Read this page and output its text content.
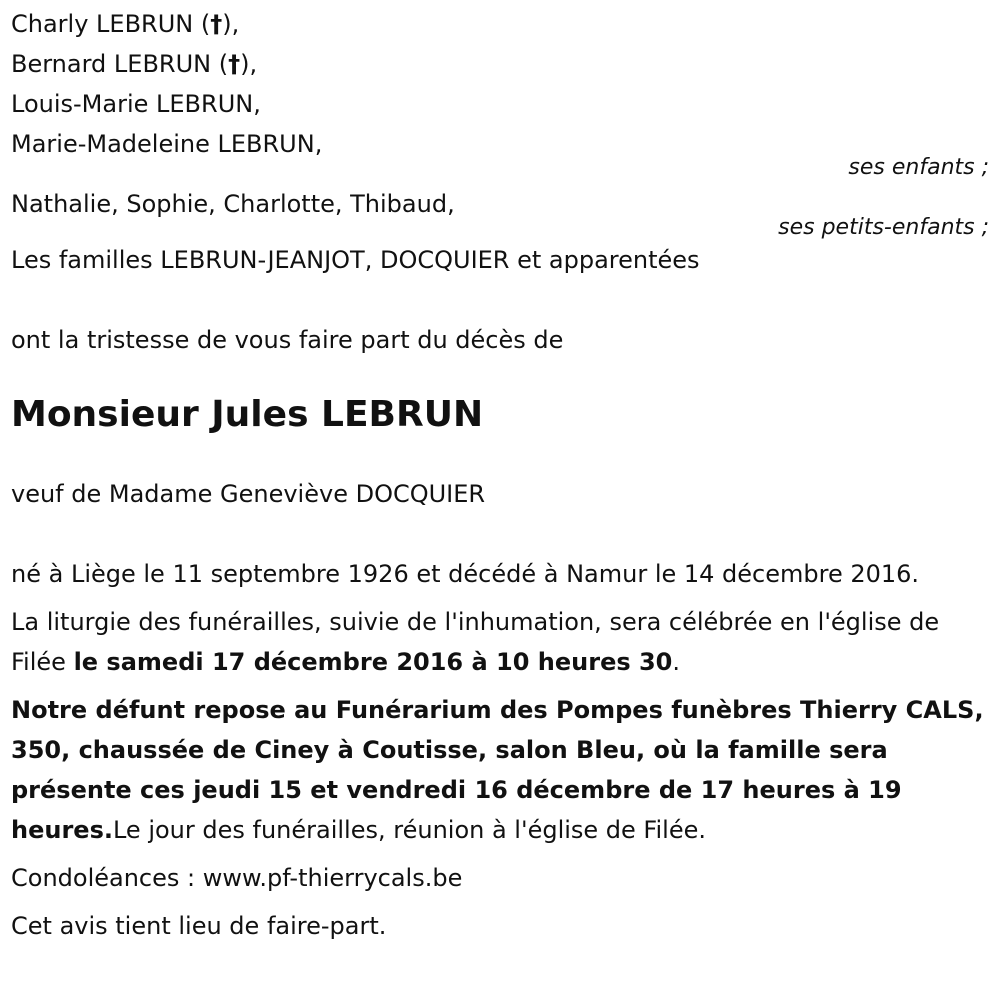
Charly LEBRUN (†),
Bernard LEBRUN (†),
Louis-Marie LEBRUN,
Marie-Madeleine LEBRUN,
ses enfants ;
Nathalie, Sophie, Charlotte, Thibaud,
ses petits-enfants ;
Les familles LEBRUN-JEANJOT, DOCQUIER et apparentées
ont la tristesse de vous faire part du décès de
Monsieur Jules LEBRUN
veuf de Madame Geneviève DOCQUIER
né à Liège le 11 septembre 1926 et décédé à Namur le 14 décembre 2016.
La liturgie des funérailles, suivie de l'inhumation, sera célébrée en l'église de Filée le samedi 17 décembre 2016 à 10 heures 30.
Notre défunt repose au Funérarium des Pompes funèbres Thierry CALS, 350, chaussée de Ciney à Coutisse, salon Bleu, où la famille sera présente ces jeudi 15 et vendredi 16 décembre de 17 heures à 19 heures.Le jour des funérailles, réunion à l'église de Filée.
Condoléances : www.pf-thierrycals.be
Cet avis tient lieu de faire-part.
